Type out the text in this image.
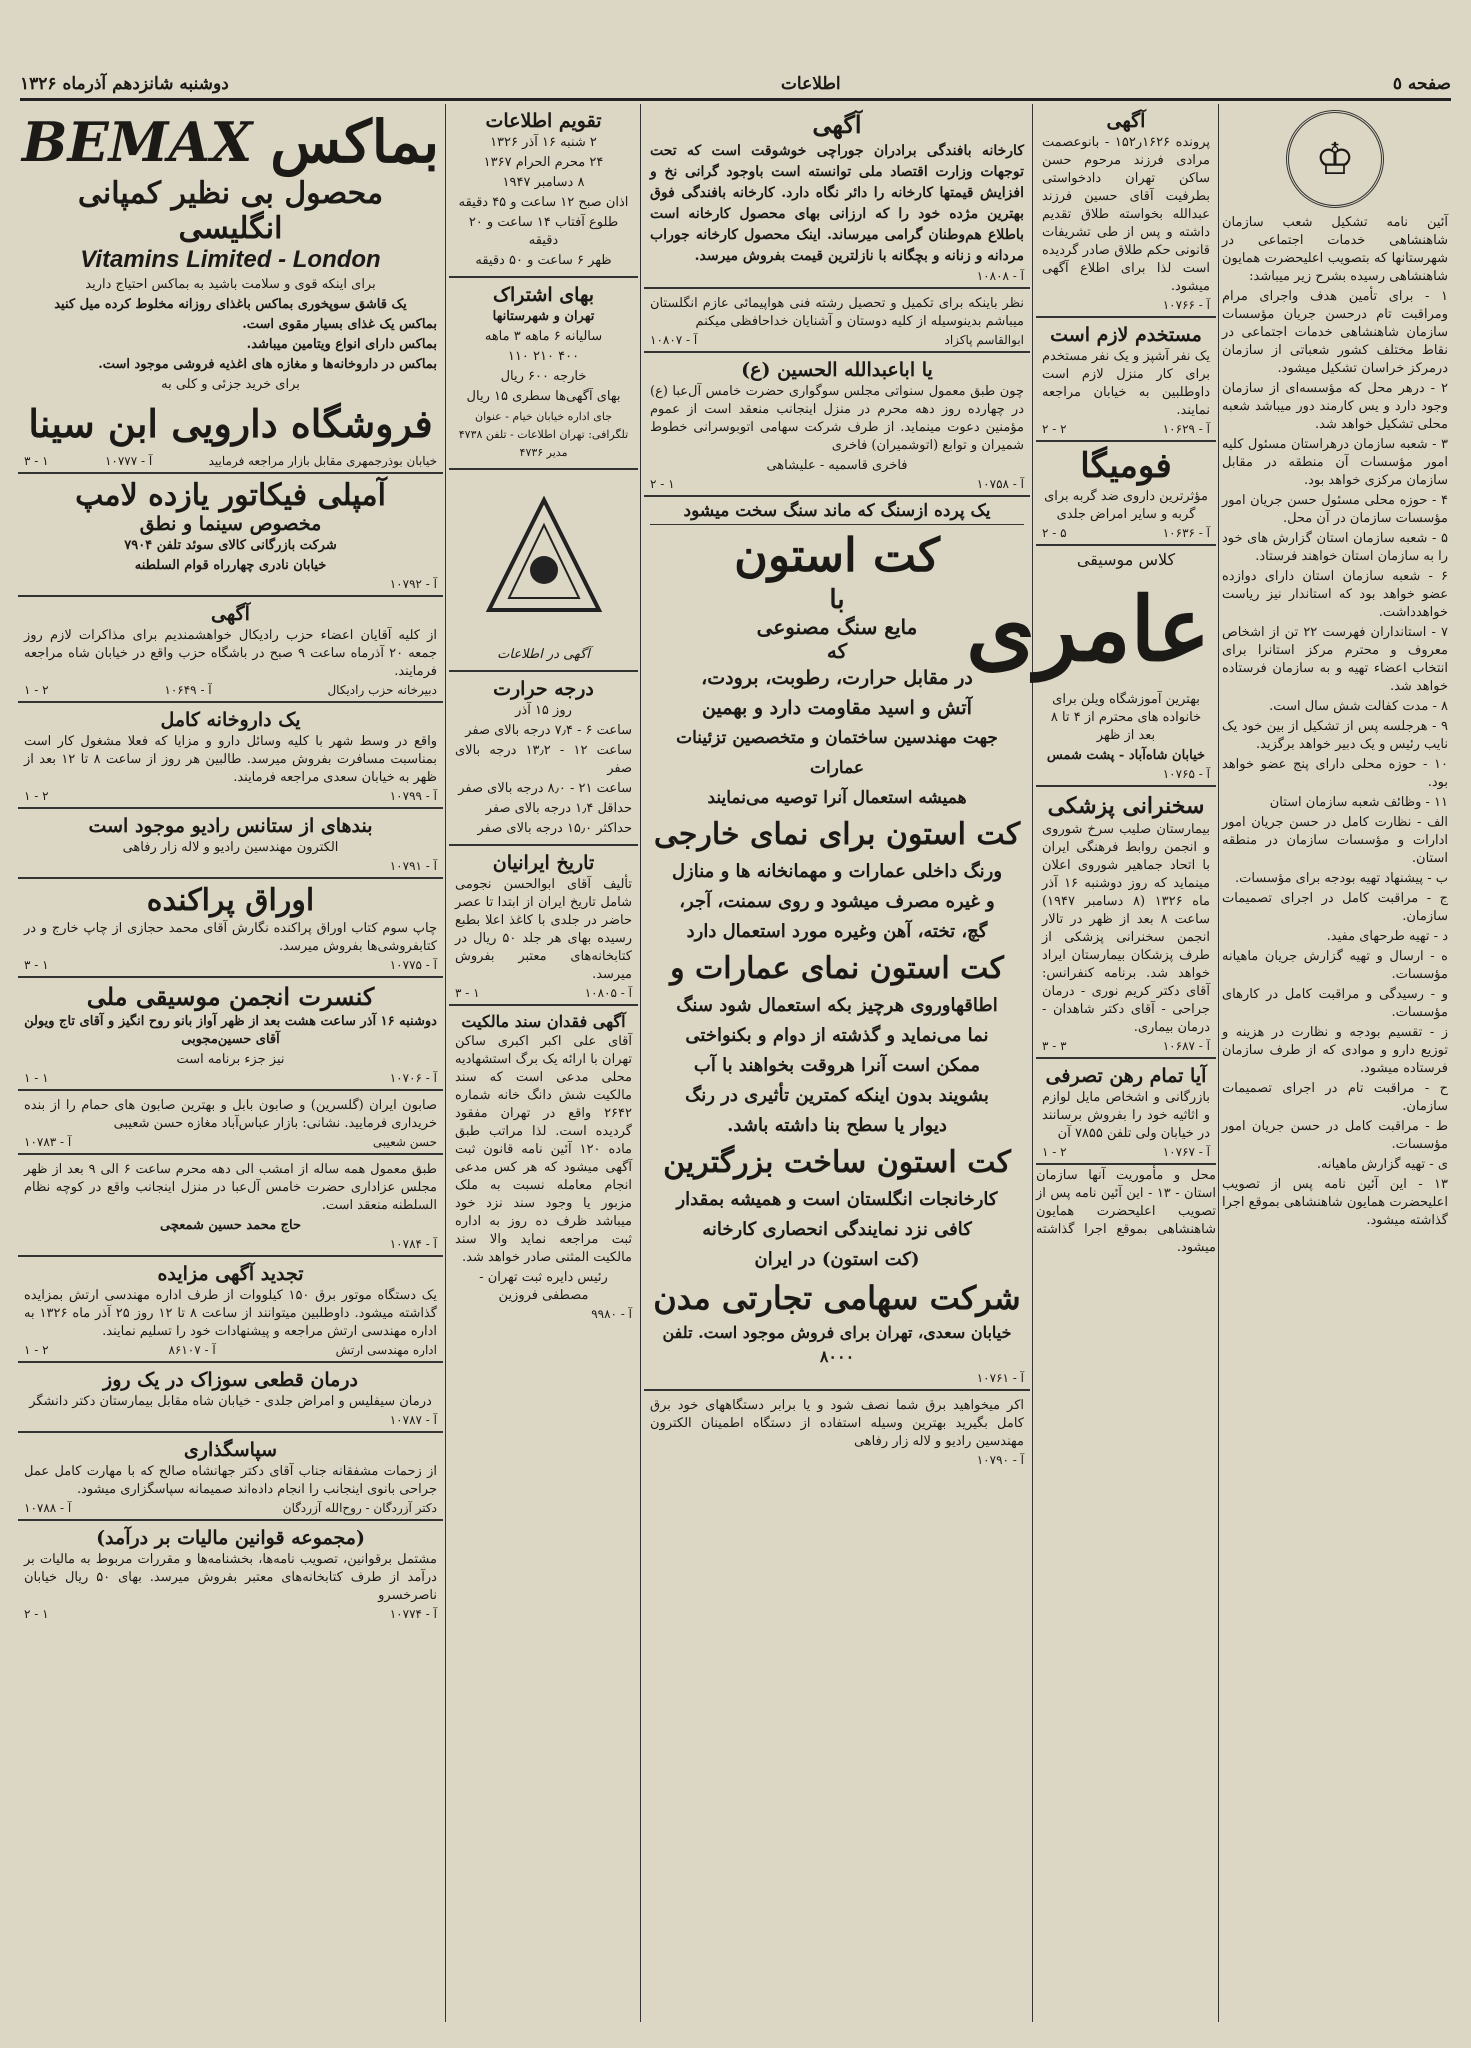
صفحه ٥
اطلاعات
دوشنبه شانزدهم آذرماه ۱۳۲۶
♔

آئین نامه تشکیل شعب سازمان شاهنشاهی خدمات اجتماعی در شهرستانها که بتصویب اعلیحضرت همایون شاهنشاهی رسیده بشرح زیر میباشد:

۱ - برای تأمین هدف واجرای مرام ومراقبت تام درحسن جریان مؤسسات سازمان شاهنشاهی خدمات اجتماعی در نقاط مختلف کشور شعباتی از سازمان درمرکز خراسان تشکیل میشود.

۲ - درهر محل که مؤسسه‌ای از سازمان وجود دارد و یس کارمند دور میباشد شعبه محلی تشکیل خواهد شد.

۳ - شعبه سازمان درهراستان مسئول کلیه امور مؤسسات آن منطقه در مقابل سازمان مرکزی خواهد بود.

۴ - حوزه محلی مسئول حسن جریان امور مؤسسات سازمان در آن محل.

۵ - شعبه سازمان استان گزارش های خود را به سازمان استان خواهند فرستاد.

۶ - شعبه سازمان استان دارای دوازده عضو خواهد بود که استاندار نیز ریاست خواهدداشت.

۷ - استانداران فهرست ۲۲ تن از اشخاص معروف و محترم مرکز استانرا برای انتخاب اعضاء تهیه و به سازمان فرستاده خواهد شد.

۸ - مدت کفالت شش سال است.

۹ - هرجلسه پس از تشکیل از بین خود یک نایب رئیس و یک دبیر خواهد برگزید.

۱۰ - حوزه محلی دارای پنج عضو خواهد بود.

۱۱ - وظائف شعبه سازمان استان

الف - نظارت کامل در حسن جریان امور ادارات و مؤسسات سازمان در منطقه استان.

ب - پیشنهاد تهیه بودجه برای مؤسسات.

ج - مراقبت کامل در اجرای تصمیمات سازمان.

د - تهیه طرحهای مفید.

ه - ارسال و تهیه گزارش جریان ماهیانه مؤسسات.

و - رسیدگی و مراقبت کامل در کارهای مؤسسات.

ز - تقسیم بودجه و نظارت در هزینه و توزیع دارو و موادی که از طرف سازمان فرستاده میشود.

ح - مراقبت تام در اجرای تصمیمات سازمان.

ط - مراقبت کامل در حسن جریان امور مؤسسات.

ی - تهیه گزارش ماهیانه.

۱۳ - این آئین نامه پس از تصویب اعلیحضرت همایون شاهنشاهی بموقع اجرا گذاشته میشود.

آگهی

پرونده ۱۶۲۶ر۱۵۲ - بانوعصمت مرادی فرزند مرحوم حسن ساکن تهران دادخواستی بطرفیت آقای حسین فرزند عبدالله بخواسته طلاق تقدیم داشته و پس از طی تشریفات قانونی حکم طلاق صادر گردیده است لذا برای اطلاع آگهی میشود.

آ - ۱۰۷۶۶
مستخدم لازم است

یک نفر آشپز و یک نفر مستخدم برای کار منزل لازم است داوطلبین به خیابان مراجعه نمایند.

آ - ۱۰۶۲۹
۲ - ۲
فومیگا

مؤثرترین داروی ضد گربه برای گربه و سایر امراض جلدی

آ - ۱۰۶۳۶
۵ - ۲
کلاس موسیقی
عامری

بهترین آموزشگاه ویلن برای خانواده های محترم از ۴ تا ۸ بعد از ظهر

خیابان شاه‌آباد - پشت شمس

آ - ۱۰۷۶۵
سخنرانی پزشکی

بیمارستان صلیب سرخ شوروی و انجمن روابط فرهنگی ایران با اتحاد جماهیر شوروی اعلان مینماید که روز دوشنبه ۱۶ آذر ماه ۱۳۲۶ (۸ دسامبر ۱۹۴۷) ساعت ۸ بعد از ظهر در تالار انجمن سخنرانی پزشکی از طرف پزشکان بیمارستان ایراد خواهد شد. برنامه کنفرانس: آقای دکتر کریم نوری - درمان جراحی - آقای دکتر شاهدان - درمان بیماری.

آ - ۱۰۶۸۷
۳ - ۳
آیا تمام رهن تصرفی

بازرگانی و اشخاص مایل لوازم و اثاثیه خود را بفروش برسانند در خیابان ولی تلفن ۷۸۵۵ آن

آ - ۱۰۷۶۷
۲ - ۱

محل و مأموریت آنها سازمان استان - ۱۳ - این آئین نامه پس از تصویب اعلیحضرت همایون شاهنشاهی بموقع اجرا گذاشته میشود.

آگهی

کارخانه بافندگی برادران جوراچی خوشوقت است که تحت توجهات وزارت اقتصاد ملی توانسته است باوجود گرانی نخ و افزایش قیمتها کارخانه را دائر نگاه دارد. کارخانه بافندگی فوق بهترین مژده خود را که ارزانی بهای محصول کارخانه است باطلاع هم‌وطنان گرامی میرساند. اینک محصول کارخانه جوراب مردانه و زنانه و بچگانه با نازلترین قیمت بفروش میرسد.

آ - ۱۰۸۰۸

نظر باینکه برای تکمیل و تحصیل رشته فنی هواپیمائی عازم انگلستان میباشم بدینوسیله از کلیه دوستان و آشنایان خداحافظی میکنم

ابوالقاسم پاکزاد
آ - ۱۰۸۰۷
یا اباعبدالله الحسین (ع)

چون طبق معمول سنواتی مجلس سوگواری حضرت خامس آل‌عبا (ع) در چهارده روز دهه محرم در منزل اینجانب منعقد است از عموم مؤمنین دعوت مینماید. از طرف شرکت سهامی اتوبوسرانی خطوط شمیران و توابع (اتوشمیران) فاخری

فاخری قاسمیه - علیشاهی

آ - ۱۰۷۵۸
۱ - ۲
یک پرده ازسنگ که ماند سنگ سخت میشود
کت استون
با
مایع سنگ مصنوعی
که
در مقابل حرارت، رطوبت، برودت،
آتش و اسید مقاومت دارد و بهمین
جهت مهندسین ساختمان و متخصصین تزئینات عمارات
همیشه استعمال آنرا توصیه می‌نمایند
کت استون برای نمای خارجی
ورنگ داخلی عمارات و مهمانخانه ها و منازل
و غیره مصرف میشود و روی سمنت، آجر،
گچ، تخته، آهن وغیره مورد استعمال دارد
کت استون نمای عمارات و
اطاقهاوروی هرچیز بکه استعمال شود سنگ
نما می‌نماید و گذشته از دوام و بکنواختی
ممکن است آنرا هروقت بخواهند با آب
بشویند بدون اینکه کمترین تأثیری در رنگ
دیوار یا سطح بنا داشته باشد.
کت استون ساخت بزرگترین
کارخانجات انگلستان است و همیشه بمقدار
کافی نزد نمایندگی انحصاری کارخانه
(کت استون) در ایران
شرکت سهامی تجارتی مدن
خیابان سعدی، تهران برای فروش موجود است. تلفن ۸۰۰۰
آ - ۱۰۷۶۱

اکر میخواهید برق شما نصف شود و یا برابر دستگاههای خود برق کامل بگیرید بهترین وسیله استفاده از دستگاه اطمینان الکترون مهندسین رادیو و لاله زار رفاهی

آ - ۱۰۷۹۰
تقویم اطلاعات

۲ شنبه ۱۶ آذر ۱۳۲۶

۲۴ محرم الحرام ۱۳۶۷

۸ دسامبر ۱۹۴۷

اذان صبح ۱۲ ساعت و ۴۵ دقیقه

طلوع آفتاب ۱۴ ساعت و ۲۰ دقیقه

ظهر ۶ ساعت و ۵۰ دقیقه

بهای اشتراک

تهران و شهرستانها

سالیانه ۶ ماهه ۳ ماهه

۴۰۰ ۲۱۰ ۱۱۰

خارجه ۶۰۰ ریال

بهای آگهی‌ها سطری ۱۵ ریال

جای اداره خیابان خیام - عنوان تلگرافی: تهران اطلاعات - تلفن ۴۷۳۸ مدیر ۴۷۳۶

آگهی در اطلاعات

درجه حرارت

روز ۱۵ آذر

ساعت ۶ - ۷٫۴ درجه بالای صفر

ساعت ۱۲ - ۱۳٫۲ درجه بالای صفر

ساعت ۲۱ - ۸٫۰ درجه بالای صفر

حداقل ۱٫۴ درجه بالای صفر

حداکثر ۱۵٫۰ درجه بالای صفر

تاریخ ایرانیان

تألیف آقای ابوالحسن نجومی شامل تاریخ ایران از ابتدا تا عصر حاضر در جلدی با کاغذ اعلا بطبع رسیده بهای هر جلد ۵۰ ریال در کتابخانه‌های معتبر بفروش میرسد.

آ - ۱۰۸۰۵
۱ - ۳
آگهی فقدان سند مالکیت

آقای علی اکبر اکبری ساکن تهران با ارائه یک برگ استشهادیه محلی مدعی است که سند مالکیت شش دانگ خانه شماره ۲۶۴۲ واقع در تهران مفقود گردیده است. لذا مراتب طبق ماده ۱۲۰ آئین نامه قانون ثبت آگهی میشود که هر کس مدعی انجام معامله نسبت به ملک مزبور یا وجود سند نزد خود میباشد ظرف ده روز به اداره ثبت مراجعه نماید والا سند مالکیت المثنی صادر خواهد شد.

رئیس دایره ثبت تهران - مصطفی فروزین

آ - ۹۹۸۰
بماکس
BEMAX
محصول بی نظیر کمپانی انگلیسی
Vitamins Limited - London

برای اینکه قوی و سلامت باشید به بماکس احتیاج دارید

یک قاشق سوپخوری بماکس باغذای روزانه مخلوط کرده میل کنید

بماکس یک غذای بسیار مقوی است.

بماکس دارای انواع ویتامین میباشد.

بماکس در داروخانه‌ها و مغازه های اغذیه فروشی موجود است.

برای خرید جزئی و کلی به

فروشگاه دارویی ابن سینا
خیابان بوذرجمهری مقابل بازار مراجعه فرمایید
آ - ۱۰۷۷۷
۱ - ۳
آمپلی فیکاتور یازده لامپ
مخصوص سینما و نطق

شرکت بازرگانی کالای سوئد تلفن ۷۹۰۴

خیابان نادری چهارراه قوام السلطنه

آ - ۱۰۷۹۲
آگهی

از کلیه آقایان اعضاء حزب رادیکال خواهشمندیم برای مذاکرات لازم روز جمعه ۲۰ آذرماه ساعت ۹ صبح در باشگاه حزب واقع در خیابان شاه مراجعه فرمایند.

دبیرخانه حزب رادیکال
آ - ۱۰۶۴۹
۲ - ۱
یک داروخانه کامل

واقع در وسط شهر با کلیه وسائل دارو و مزایا که فعلا مشغول کار است بمناسبت مسافرت بفروش میرسد. طالبین هر روز از ساعت ۸ تا ۱۲ بعد از ظهر به خیابان سعدی مراجعه فرمایند.

آ - ۱۰۷۹۹
۲ - ۱
بندهای از ستانس رادیو موجود است

الکترون مهندسین رادیو و لاله زار رفاهی

آ - ۱۰۷۹۱
اوراق پراکنده

چاپ سوم کتاب اوراق پراکنده نگارش آقای محمد حجازی از چاپ خارج و در کتابفروشی‌ها بفروش میرسد.

آ - ۱۰۷۷۵
۱ - ۳
کنسرت انجمن موسیقی ملی

دوشنبه ۱۶ آذر ساعت هشت بعد از ظهر آواز بانو روح انگیز و آقای تاج ویولن آقای حسین‌مجوبی

نیز جزء برنامه است

آ - ۱۰۷۰۶
۱ - ۱

صابون ایران (گلسرین) و صابون بابل و بهترین صابون های حمام را از بنده خریداری فرمایید. نشانی: بازار عباس‌آباد مغازه حسن شعیبی

حسن شعیبی
آ - ۱۰۷۸۳

طبق معمول همه ساله از امشب الی دهه محرم ساعت ۶ الی ۹ بعد از ظهر مجلس عزاداری حضرت خامس آل‌عبا در منزل اینجانب واقع در کوچه نظام السلطنه منعقد است.

حاج محمد حسین شمعچی

آ - ۱۰۷۸۴
تجدید آگهی مزایده

یک دستگاه موتور برق ۱۵۰ کیلووات از طرف اداره مهندسی ارتش بمزایده گذاشته میشود. داوطلبین میتوانند از ساعت ۸ تا ۱۲ روز ۲۵ آذر ماه ۱۳۲۶ به اداره مهندسی ارتش مراجعه و پیشنهادات خود را تسلیم نمایند.

اداره مهندسی ارتش
آ - ۸۶۱۰۷
۲ - ۱
درمان قطعی سوزاک در یک روز

درمان سیفلیس و امراض جلدی - خیابان شاه مقابل بیمارستان دکتر دانشگر

آ - ۱۰۷۸۷
سپاسگذاری

از زحمات مشفقانه جناب آقای دکتر جهانشاه صالح که با مهارت کامل عمل جراحی بانوی اینجانب را انجام داده‌اند صمیمانه سپاسگزاری میشود.

دکتر آزردگان - روح‌الله آزردگان
آ - ۱۰۷۸۸
(مجموعه قوانین مالیات بر درآمد)

مشتمل برقوانین، تصویب نامه‌ها، بخشنامه‌ها و مقررات مربوط به مالیات بر درآمد از طرف کتابخانه‌های معتبر بفروش میرسد. بهای ۵۰ ریال خیابان ناصرخسرو

آ - ۱۰۷۷۴
۱ - ۲
